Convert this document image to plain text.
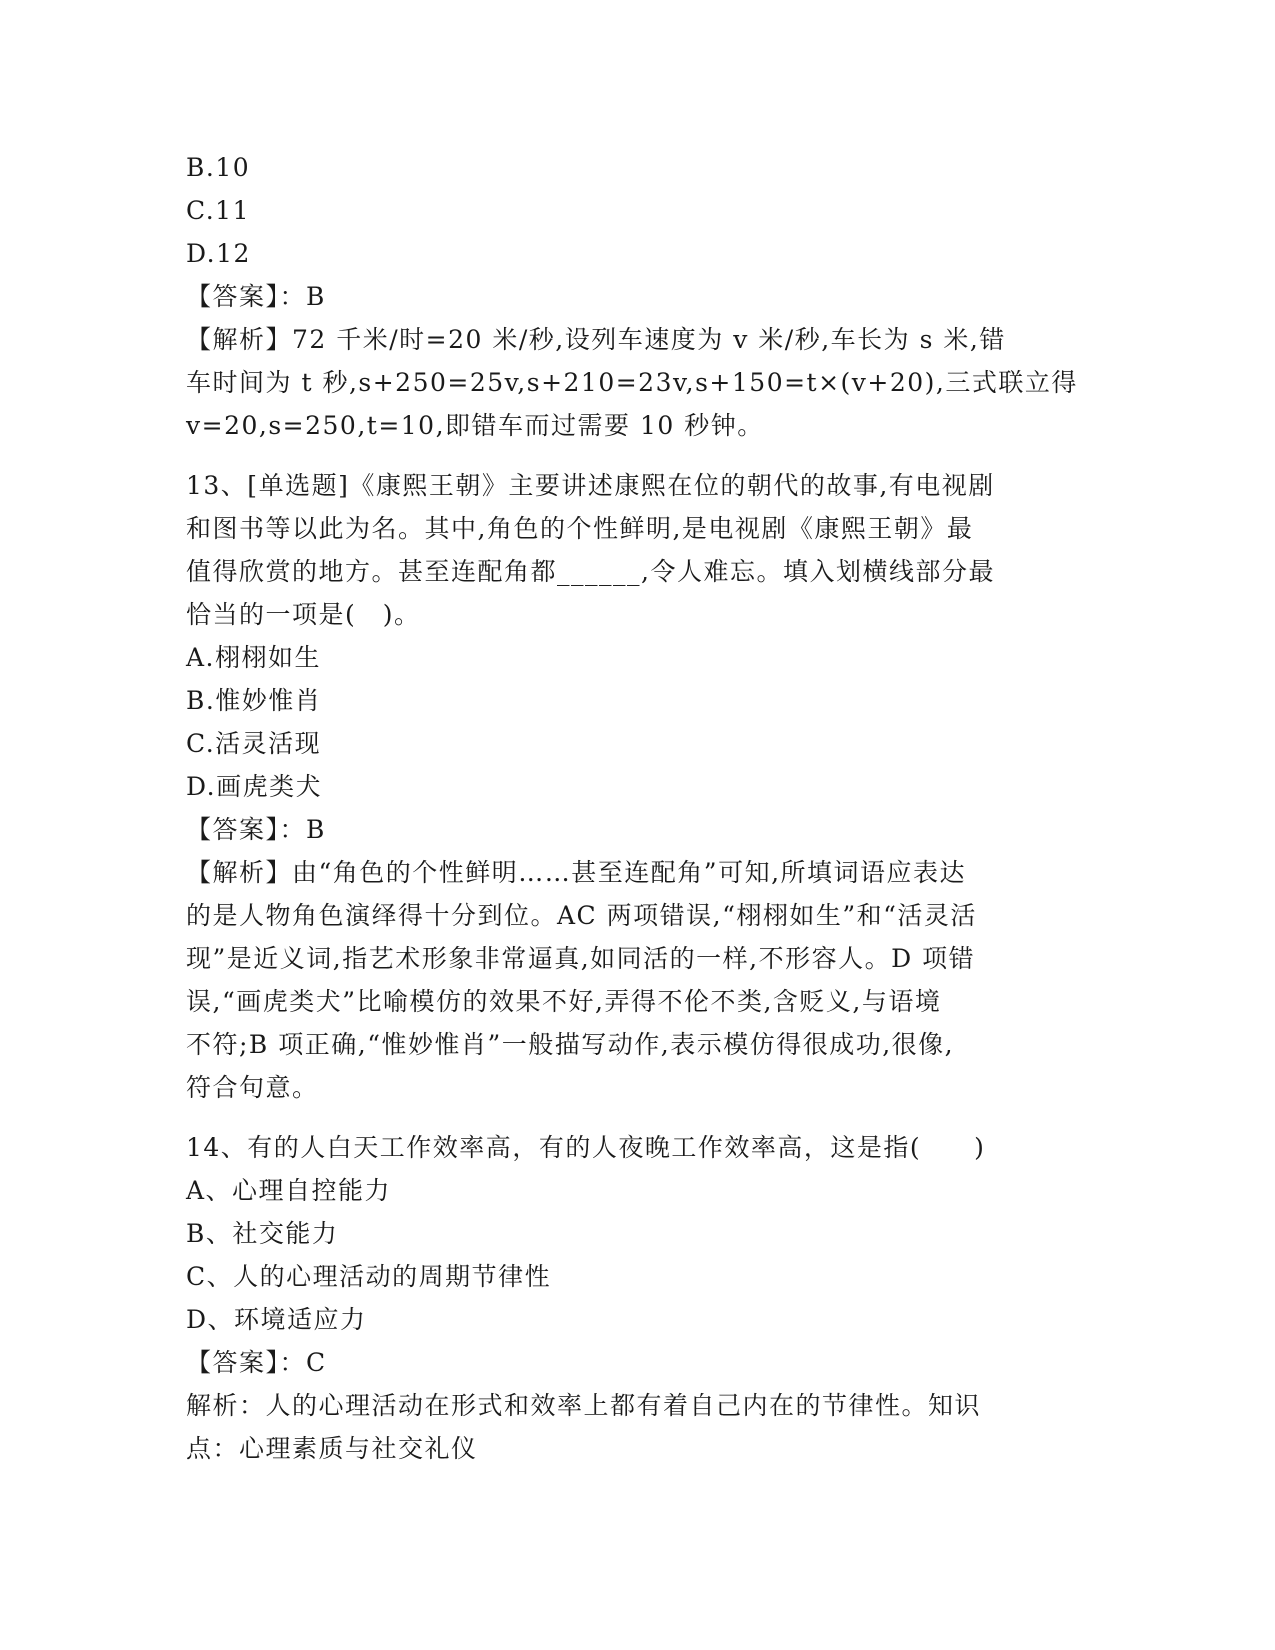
B.10
C.11
D.12
【答案】：B
【解析】72 千米/时=20 米/秒,设列车速度为 v 米/秒,车长为 s 米,错
车时间为 t 秒,s+250=25v,s+210=23v,s+150=t×(v+20),三式联立得
v=20,s=250,t=10,即错车而过需要 10 秒钟。
13、[单选题]《康熙王朝》主要讲述康熙在位的朝代的故事,有电视剧
和图书等以此为名。其中,角色的个性鲜明,是电视剧《康熙王朝》最
值得欣赏的地方。甚至连配角都______,令人难忘。填入划横线部分最
恰当的一项是(　)。
A.栩栩如生
B.惟妙惟肖
C.活灵活现
D.画虎类犬
【答案】：B
【解析】由“角色的个性鲜明……甚至连配角”可知,所填词语应表达
的是人物角色演绎得十分到位。AC 两项错误,“栩栩如生”和“活灵活
现”是近义词,指艺术形象非常逼真,如同活的一样,不形容人。D 项错
误,“画虎类犬”比喻模仿的效果不好,弄得不伦不类,含贬义,与语境
不符;B 项正确,“惟妙惟肖”一般描写动作,表示模仿得很成功,很像,
符合句意。
14、有的人白天工作效率高，有的人夜晚工作效率高，这是指(　　)
A、心理自控能力
B、社交能力
C、人的心理活动的周期节律性
D、环境适应力
【答案】：C
解析：人的心理活动在形式和效率上都有着自己内在的节律性。知识
点：心理素质与社交礼仪
